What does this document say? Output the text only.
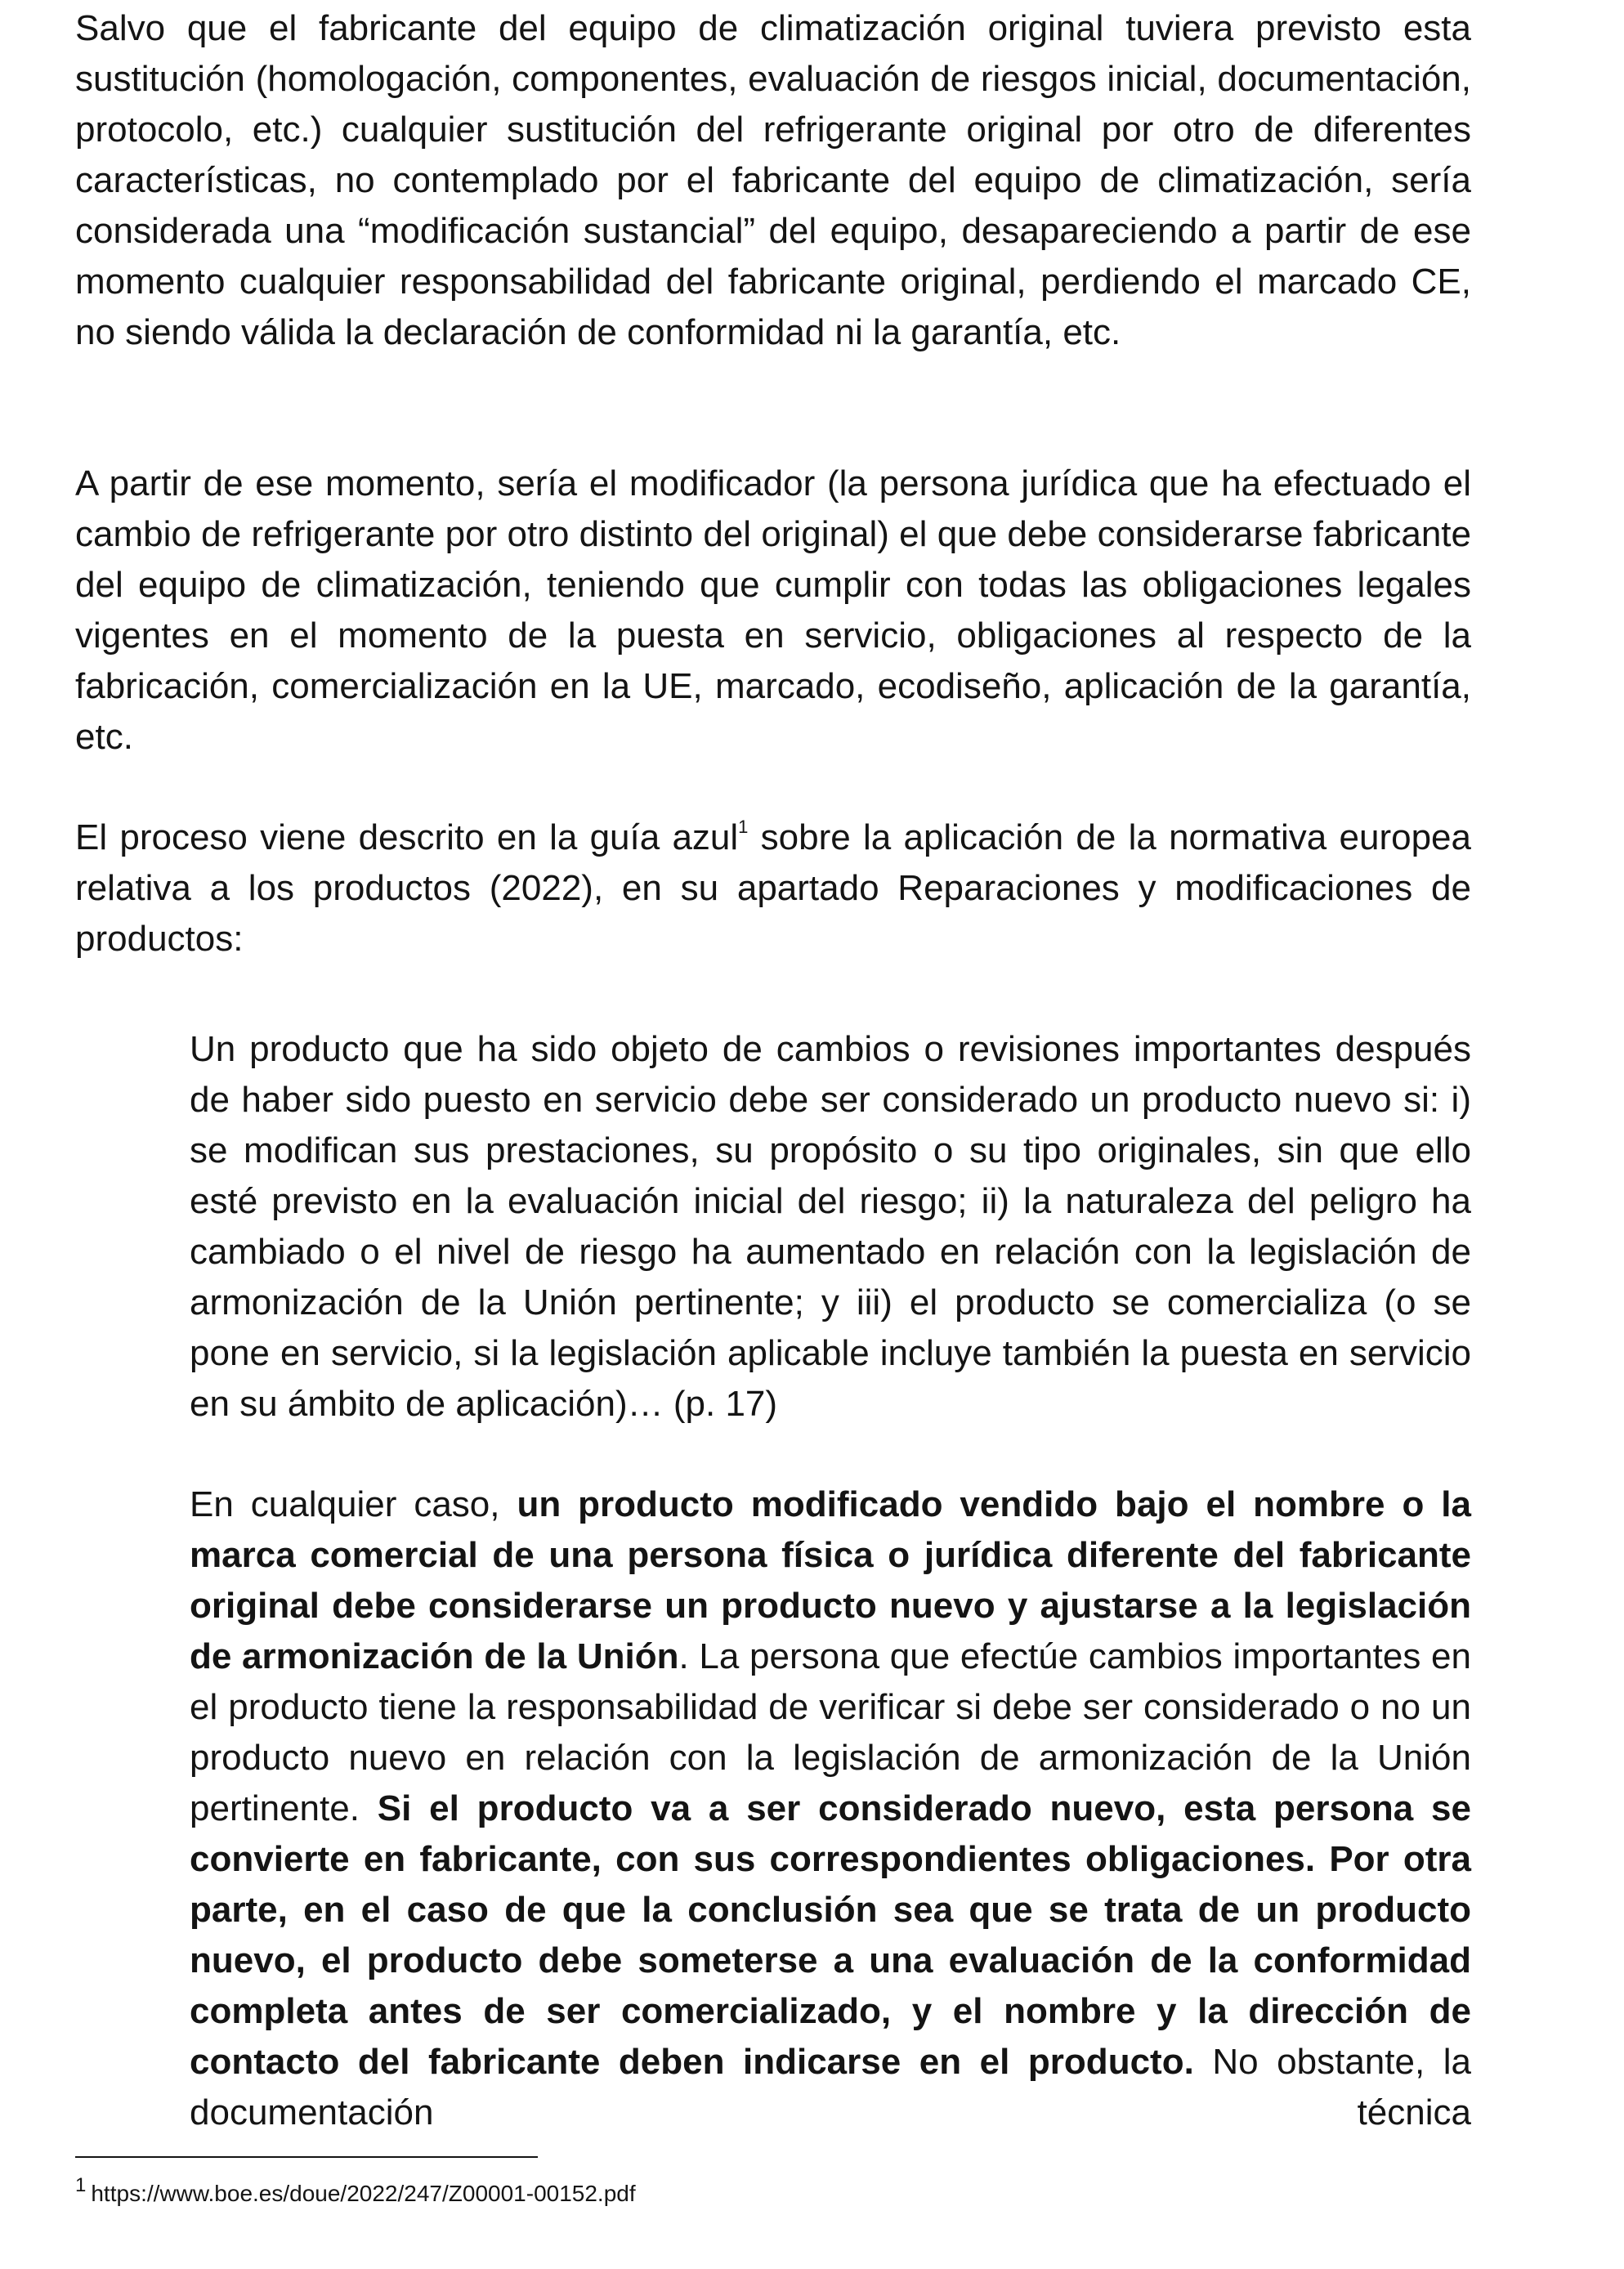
Salvo que el fabricante del equipo de climatización original tuviera previsto esta sustitución (homologación, componentes, evaluación de riesgos inicial, documentación, protocolo, etc.) cualquier sustitución del refrigerante original por otro de diferentes características, no contemplado por el fabricante del equipo de climatización, sería considerada una “modificación sustancial” del equipo, desapareciendo a partir de ese momento cualquier responsabilidad del fabricante original, perdiendo el marcado CE, no siendo válida la declaración de conformidad ni la garantía, etc.

A partir de ese momento, sería el modificador (la persona jurídica que ha efectuado el cambio de refrigerante por otro distinto del original) el que debe considerarse fabricante del equipo de climatización, teniendo que cumplir con todas las obligaciones legales vigentes en el momento de la puesta en servicio, obligaciones al respecto de la fabricación, comercialización en la UE, marcado, ecodiseño, aplicación de la garantía, etc.

El proceso viene descrito en la guía azul$^1$ sobre la aplicación de la normativa europea relativa a los productos (2022), en su apartado Reparaciones y modificaciones de productos:

Un producto que ha sido objeto de cambios o revisiones importantes después de haber sido puesto en servicio debe ser considerado un producto nuevo si: i) se modifican sus prestaciones, su propósito o su tipo originales, sin que ello esté previsto en la evaluación inicial del riesgo; ii) la naturaleza del peligro ha cambiado o el nivel de riesgo ha aumentado en relación con la legislación de armonización de la Unión pertinente; y iii) el producto se comercializa (o se pone en servicio, si la legislación aplicable incluye también la puesta en servicio en su ámbito de aplicación)… (p. 17)

En cualquier caso, un producto modificado vendido bajo el nombre o la marca comercial de una persona física o jurídica diferente del fabricante original debe considerarse un producto nuevo y ajustarse a la legislación de armonización de la Unión. La persona que efectúe cambios importantes en el producto tiene la responsabilidad de verificar si debe ser considerado o no un producto nuevo en relación con la legislación de armonización de la Unión pertinente. Si el producto va a ser considerado nuevo, esta persona se convierte en fabricante, con sus correspondientes obligaciones. Por otra parte, en el caso de que la conclusión sea que se trata de un producto nuevo, el producto debe someterse a una evaluación de la conformidad completa antes de ser comercializado, y el nombre y la dirección de contacto del fabricante deben indicarse en el producto. No obstante, la documentación técnica

1 https://www.boe.es/doue/2022/247/Z00001-00152.pdf
